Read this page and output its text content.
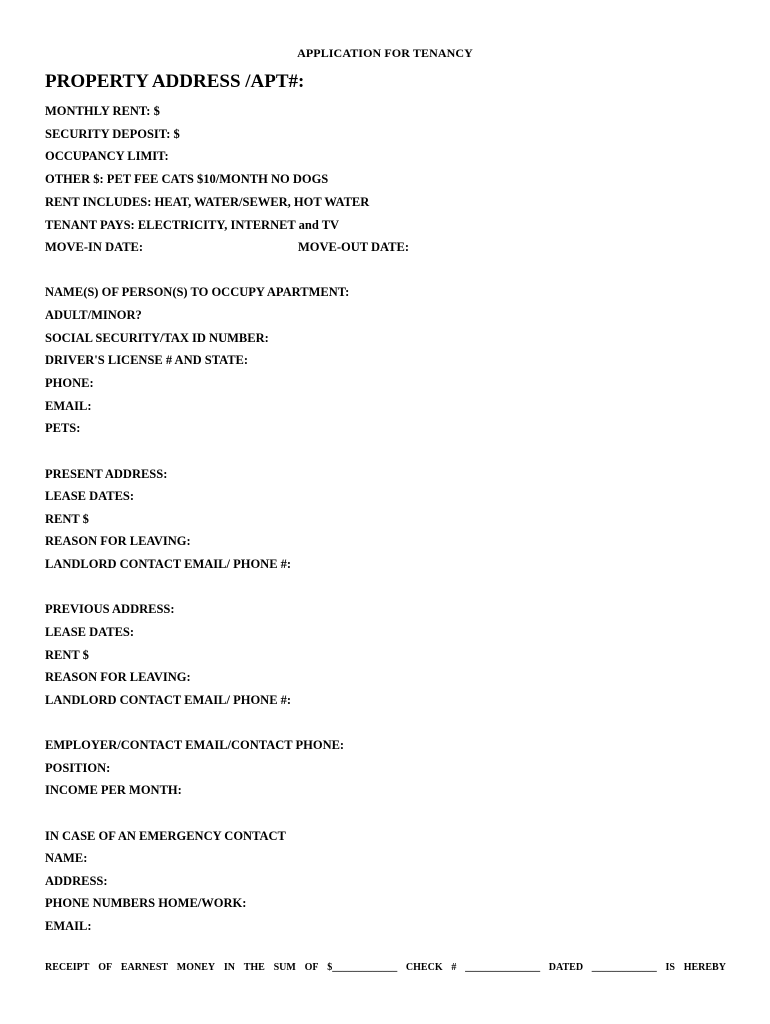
APPLICATION FOR TENANCY
PROPERTY ADDRESS /APT#:
MONTHLY RENT: $
SECURITY DEPOSIT: $
OCCUPANCY LIMIT:
OTHER $: PET FEE CATS $10/MONTH NO DOGS
RENT INCLUDES: HEAT, WATER/SEWER, HOT WATER
TENANT PAYS: ELECTRICITY, INTERNET and TV
MOVE-IN DATE:	MOVE-OUT DATE:
NAME(S) OF PERSON(S) TO OCCUPY APARTMENT:
ADULT/MINOR?
SOCIAL SECURITY/TAX ID NUMBER:
DRIVER'S LICENSE # AND STATE:
PHONE:
EMAIL:
PETS:
PRESENT ADDRESS:
LEASE DATES:
RENT $
REASON FOR LEAVING:
LANDLORD CONTACT EMAIL/ PHONE #:
PREVIOUS ADDRESS:
LEASE DATES:
RENT $
REASON FOR LEAVING:
LANDLORD CONTACT EMAIL/ PHONE #:
EMPLOYER/CONTACT EMAIL/CONTACT PHONE:
POSITION:
INCOME PER MONTH:
IN CASE OF AN EMERGENCY CONTACT
NAME:
ADDRESS:
PHONE NUMBERS HOME/WORK:
EMAIL:
RECEIPT OF EARNEST MONEY IN THE SUM OF $_____________ CHECK # _______________ DATED _____________ IS HEREBY
